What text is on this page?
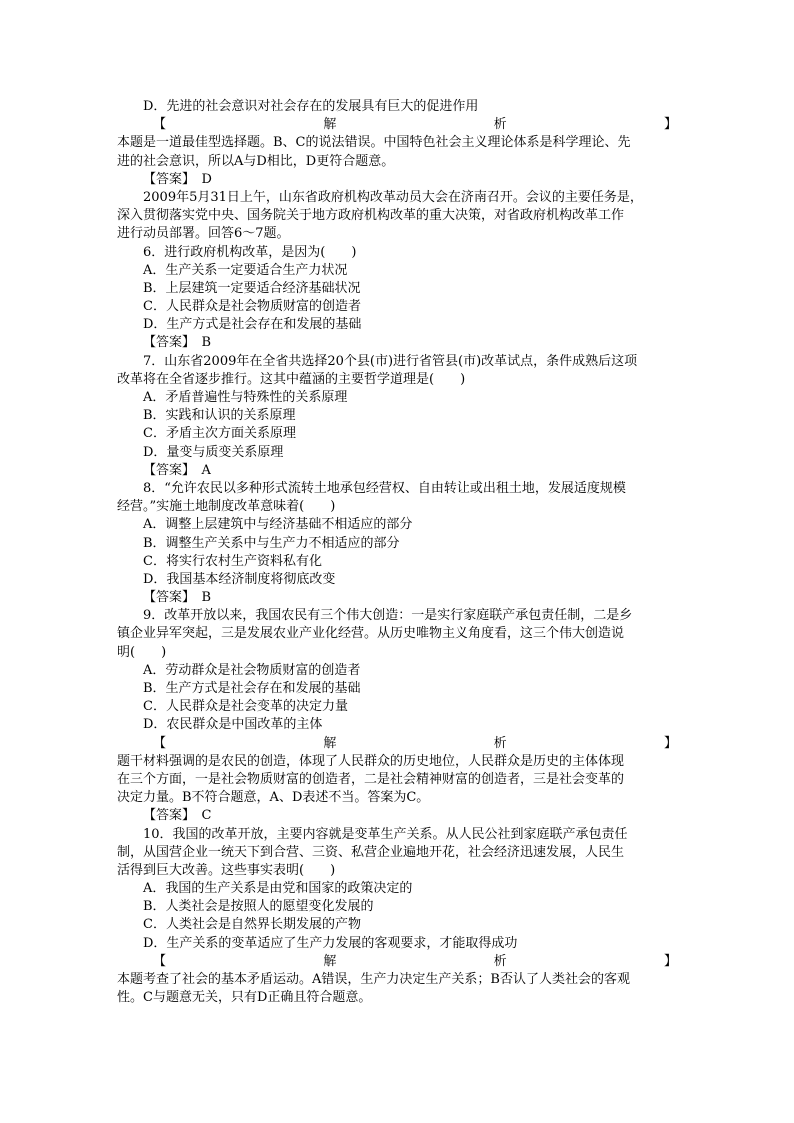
D．先进的社会意识对社会存在的发展具有巨大的促进作用
【	解	析	】
本题是一道最佳型选择题。B、C的说法错误。中国特色社会主义理论体系是科学理论、先
进的社会意识，所以A与D相比，D更符合题意。
【答案】　D
2009年5月31日上午，山东省政府机构改革动员大会在济南召开。会议的主要任务是，
深入贯彻落实党中央、国务院关于地方政府机构改革的重大决策，对省政府机构改革工作
进行动员部署。回答6～7题。
6．进行政府机构改革，是因为(　　)
A．生产关系一定要适合生产力状况
B．上层建筑一定要适合经济基础状况
C．人民群众是社会物质财富的创造者
D．生产方式是社会存在和发展的基础
【答案】　B
7．山东省2009年在全省共选择20个县(市)进行省管县(市)改革试点，条件成熟后这项
改革将在全省逐步推行。这其中蕴涵的主要哲学道理是(　　)
A．矛盾普遍性与特殊性的关系原理
B．实践和认识的关系原理
C．矛盾主次方面关系原理
D．量变与质变关系原理
【答案】　A
8．“允许农民以多种形式流转土地承包经营权、自由转让或出租土地，发展适度规模
经营。”实施土地制度改革意味着(　　)
A．调整上层建筑中与经济基础不相适应的部分
B．调整生产关系中与生产力不相适应的部分
C．将实行农村生产资料私有化
D．我国基本经济制度将彻底改变
【答案】　B
9．改革开放以来，我国农民有三个伟大创造：一是实行家庭联产承包责任制，二是乡
镇企业异军突起，三是发展农业产业化经营。从历史唯物主义角度看，这三个伟大创造说
明(　　)
A．劳动群众是社会物质财富的创造者
B．生产方式是社会存在和发展的基础
C．人民群众是社会变革的决定力量
D．农民群众是中国改革的主体
【	解	析	】
题干材料强调的是农民的创造，体现了人民群众的历史地位，人民群众是历史的主体体现
在三个方面，一是社会物质财富的创造者，二是社会精神财富的创造者，三是社会变革的
决定力量。B不符合题意，A、D表述不当。答案为C。
【答案】　C
10．我国的改革开放，主要内容就是变革生产关系。从人民公社到家庭联产承包责任
制，从国营企业一统天下到合营、三资、私营企业遍地开花，社会经济迅速发展，人民生
活得到巨大改善。这些事实表明(　　)
A．我国的生产关系是由党和国家的政策决定的
B．人类社会是按照人的愿望变化发展的
C．人类社会是自然界长期发展的产物
D．生产关系的变革适应了生产力发展的客观要求，才能取得成功
【	解	析	】
本题考查了社会的基本矛盾运动。A错误，生产力决定生产关系；B否认了人类社会的客观
性。C与题意无关，只有D正确且符合题意。
